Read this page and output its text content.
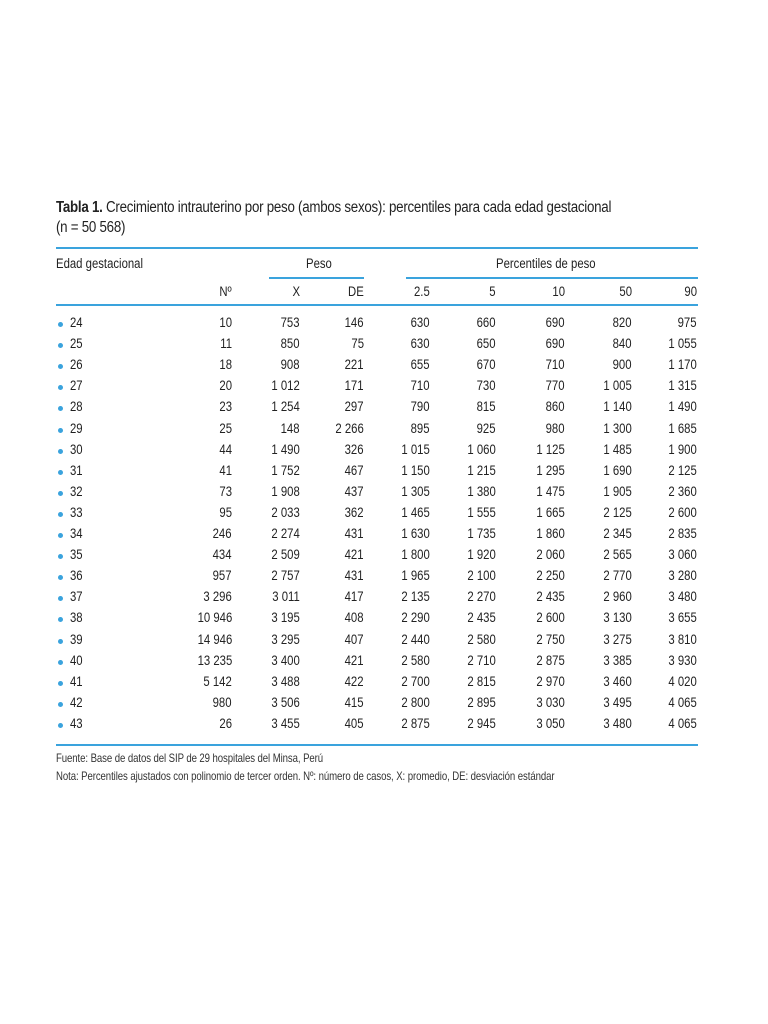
Tabla 1. Crecimiento intrauterino por peso (ambos sexos): percentiles para cada edad gestacional
(n = 50 568)
Edad gestacional	Peso	Percentiles de peso
Nº	X	DE	2.5	5	10	50	90
24	10	753	146	630	660	690	820	975
25	11	850	75	630	650	690	840	1 055
26	18	908	221	655	670	710	900	1 170
27	20	1 012	171	710	730	770	1 005	1 315
28	23	1 254	297	790	815	860	1 140	1 490
29	25	148	2 266	895	925	980	1 300	1 685
30	44	1 490	326	1 015	1 060	1 125	1 485	1 900
31	41	1 752	467	1 150	1 215	1 295	1 690	2 125
32	73	1 908	437	1 305	1 380	1 475	1 905	2 360
33	95	2 033	362	1 465	1 555	1 665	2 125	2 600
34	246	2 274	431	1 630	1 735	1 860	2 345	2 835
35	434	2 509	421	1 800	1 920	2 060	2 565	3 060
36	957	2 757	431	1 965	2 100	2 250	2 770	3 280
37	3 296	3 011	417	2 135	2 270	2 435	2 960	3 480
38	10 946	3 195	408	2 290	2 435	2 600	3 130	3 655
39	14 946	3 295	407	2 440	2 580	2 750	3 275	3 810
40	13 235	3 400	421	2 580	2 710	2 875	3 385	3 930
41	5 142	3 488	422	2 700	2 815	2 970	3 460	4 020
42	980	3 506	415	2 800	2 895	3 030	3 495	4 065
43	26	3 455	405	2 875	2 945	3 050	3 480	4 065
Fuente: Base de datos del SIP de 29 hospitales del Minsa, Perú
Nota: Percentiles ajustados con polinomio de tercer orden. Nº: número de casos, X: promedio, DE: desviación estándar
